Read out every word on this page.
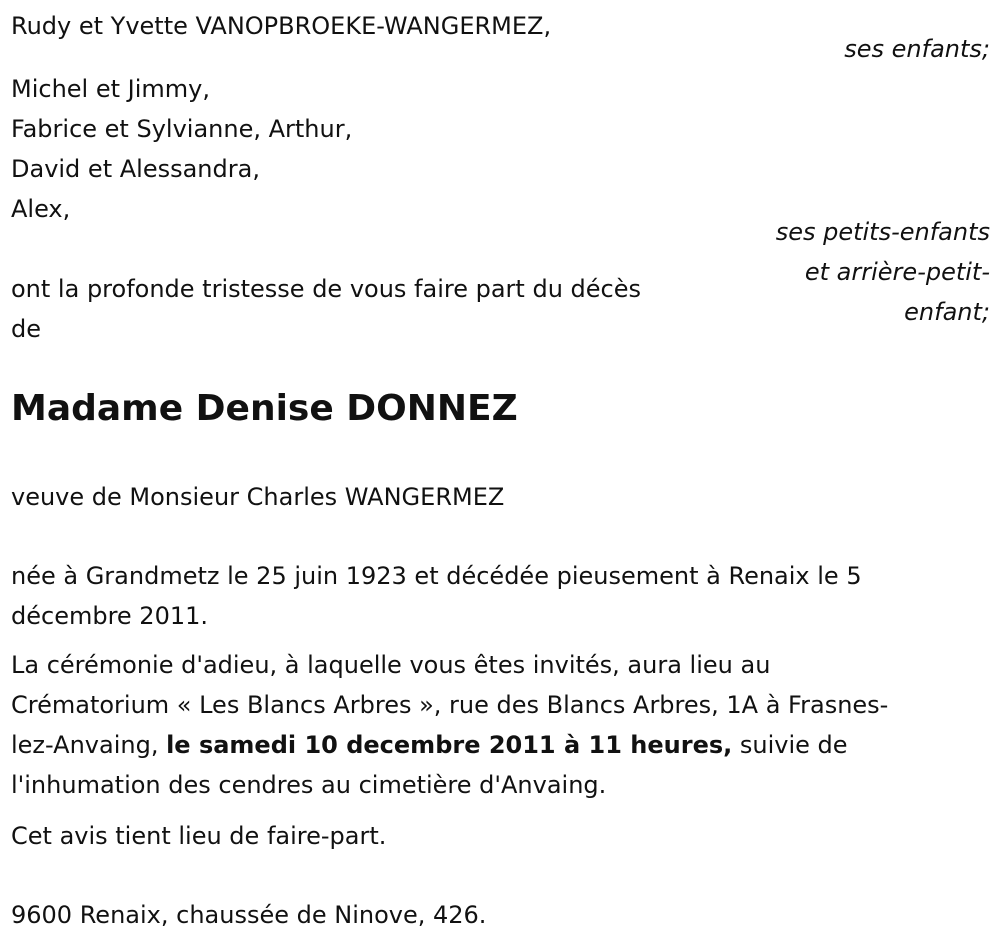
Rudy et Yvette VANOPBROEKE-WANGERMEZ,
ses enfants;
Michel et Jimmy,
Fabrice et Sylvianne, Arthur,
David et Alessandra,
Alex,
ses petits-enfants
et arrière-petit-
enfant;
ont la profonde tristesse de vous faire part du décès
de
Madame Denise DONNEZ
veuve de Monsieur Charles WANGERMEZ
née à Grandmetz le 25 juin 1923 et décédée pieusement à Renaix le 5
décembre 2011.
La cérémonie d'adieu, à laquelle vous êtes invités, aura lieu au
Crématorium « Les Blancs Arbres », rue des Blancs Arbres, 1A à Frasnes-
lez-Anvaing, le samedi 10 decembre 2011 à 11 heures, suivie de
l'inhumation des cendres au cimetière d'Anvaing.
Cet avis tient lieu de faire-part.
9600 Renaix, chaussée de Ninove, 426.
